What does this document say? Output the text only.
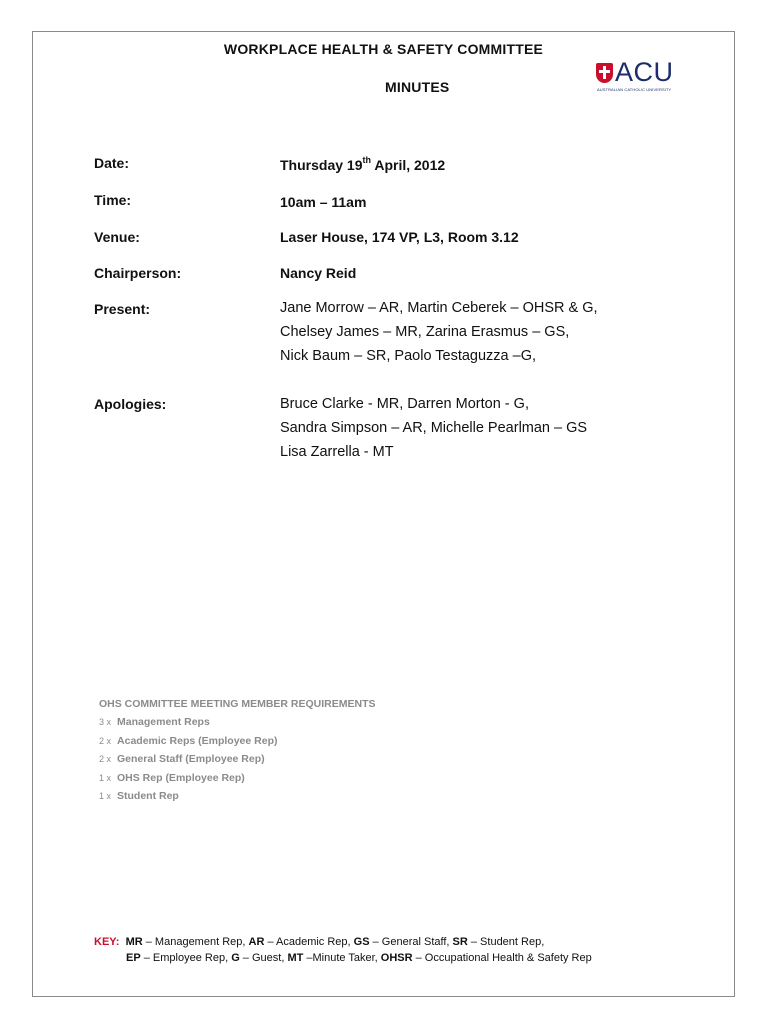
WORKPLACE HEALTH & SAFETY COMMITTEE
MINUTES	ACU
AUSTRALIAN CATHOLIC UNIVERSITY
Date:	Thursday 19th April, 2012
Time:	10am – 11am
Venue:	Laser House, 174 VP, L3, Room 3.12
Chairperson:	Nancy Reid
Present:	Jane Morrow – AR, Martin Ceberek – OHSR & G,
Chelsey James – MR, Zarina Erasmus – GS,
Nick Baum – SR, Paolo Testaguzza –G,
Apologies:	Bruce Clarke - MR, Darren Morton - G,
Sandra Simpson – AR, Michelle Pearlman – GS
Lisa Zarrella - MT
OHS COMMITTEE MEETING MEMBER REQUIREMENTS
3 x Management Reps
2 x Academic Reps (Employee Rep)
2 x General Staff (Employee Rep)
1 x OHS Rep (Employee Rep)
1 x Student Rep
KEY: MR – Management Rep, AR – Academic Rep, GS – General Staff, SR – Student Rep,
EP – Employee Rep, G – Guest, MT –Minute Taker, OHSR – Occupational Health & Safety Rep
